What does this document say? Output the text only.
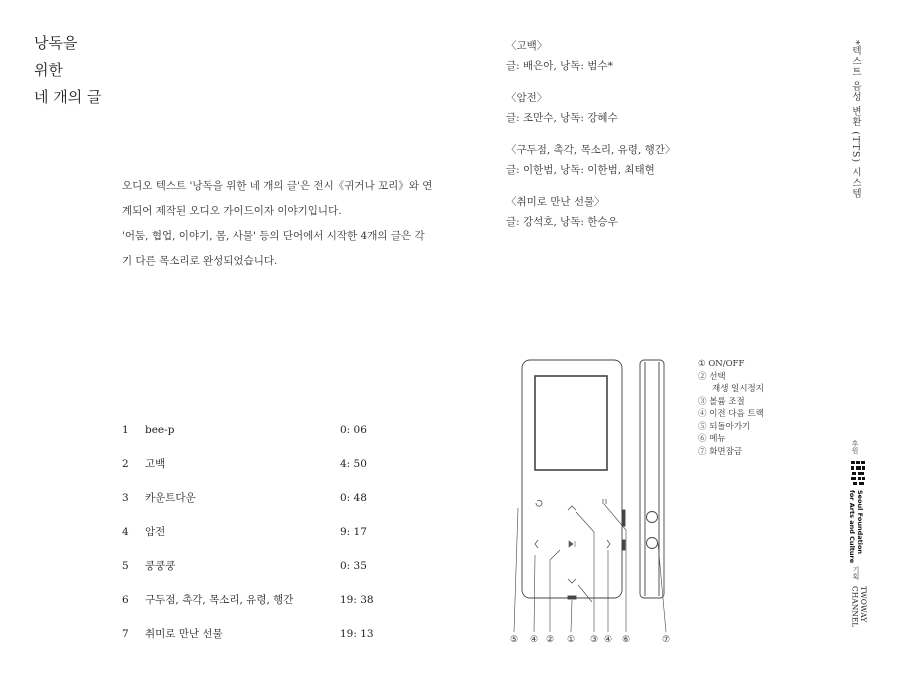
낭독을
위한
네 개의 글
오디오 텍스트 '낭독을 위한 네 개의 글'은 전시《귀거나 꼬리》와 연
계되어 제작된 오디오 가이드이자 이야기입니다.
'어둠, 협업, 이야기, 몸, 사물' 등의 단어에서 시작한 4개의 글은 각
기 다른 목소리로 완성되었습니다.
〈고백〉
글: 배은아, 낭독: 범수*
〈암전〉
글: 조만수, 낭독: 강혜수
〈구두점, 촉각, 목소리, 유령, 행간〉
글: 이한범, 낭독: 이한범, 최태현
〈취미로 만난 선물〉
글: 강석호, 낭독: 한승우
*텍스트 음성 변환 (TTS) 시스템
1 bee-p	0: 06
2 고백	4: 50
3 카운트다운	0: 48
4 암전	9: 17
5 쿵쿵쿵	0: 35
6 구두점, 촉각, 목소리, 유령, 행간	19: 38
7 취미로 만난 선물	19: 13	⑤ ④ ② ① ③ ④ ⑥	⑦
① ON/OFF
② 선택
재생 일시정지
③ 볼륨 조절
④ 이전 다음 트랙
⑤ 되돌아가기
⑥ 메뉴
⑦ 화면잠금	후원
Seoul Foundation
for Arts and Culture
기획
TWOWAY
CHANNEL
